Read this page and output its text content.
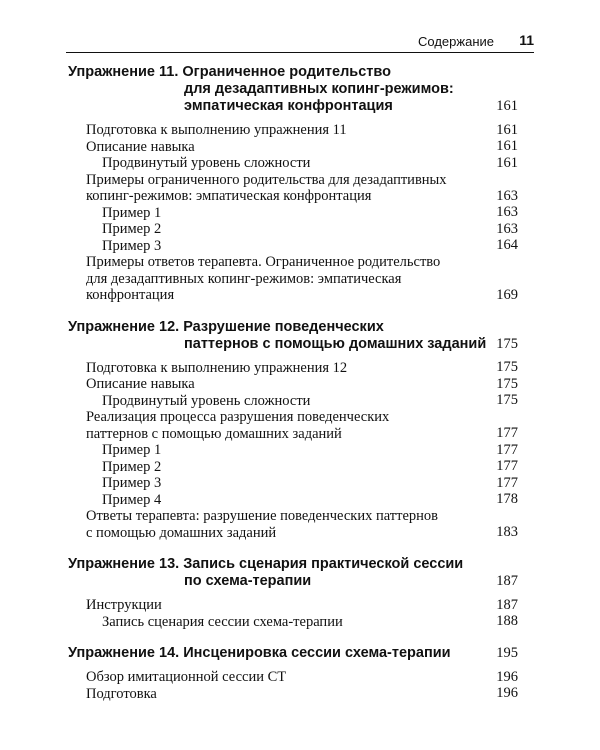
Содержание 11
Упражнение 11. Ограниченное родительство
для дезадаптивных копинг-режимов:
эмпатическая конфронтация	161
Подготовка к выполнению упражнения 11	161
Описание навыка	161
Продвинутый уровень сложности	161
Примеры ограниченного родительства для дезадаптивных
копинг-режимов: эмпатическая конфронтация	163
Пример 1	163
Пример 2	163
Пример 3	164
Примеры ответов терапевта. Ограниченное родительство
для дезадаптивных копинг-режимов: эмпатическая
конфронтация	169
Упражнение 12. Разрушение поведенческих
паттернов с помощью домашних заданий 175
Подготовка к выполнению упражнения 12	175
Описание навыка	175
Продвинутый уровень сложности	175
Реализация процесса разрушения поведенческих
паттернов с помощью домашних заданий	177
Пример 1	177
Пример 2	177
Пример 3	177
Пример 4	178
Ответы терапевта: разрушение поведенческих паттернов
с помощью домашних заданий	183
Упражнение 13. Запись сценария практической сессии
по схема-терапии	187
Инструкции	187
Запись сценария сессии схема-терапии	188
Упражнение 14. Инсценировка сессии схема-терапии	195
Обзор имитационной сессии СТ	196
Подготовка	196
